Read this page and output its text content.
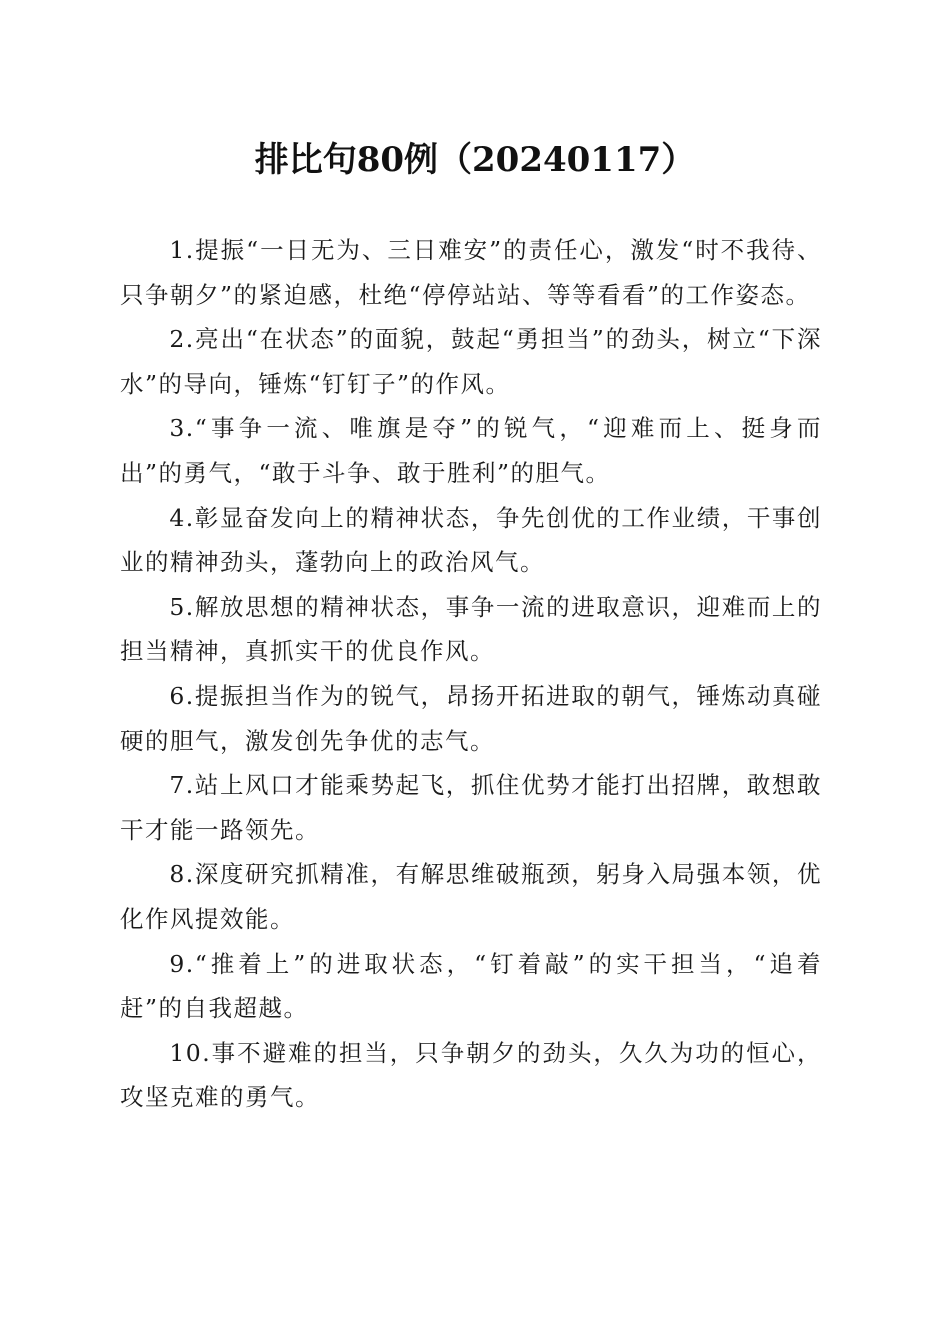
排比句80例（20240117）

1.提振“一日无为、三日难安”的责任心，激发“时不我待、只争朝夕”的紧迫感，杜绝“停停站站、等等看看”的工作姿态。

2.亮出“在状态”的面貌，鼓起“勇担当”的劲头，树立“下深水”的导向，锤炼“钉钉子”的作风。

3.“事争一流、唯旗是夺”的锐气，“迎难而上、挺身而出”的勇气，“敢于斗争、敢于胜利”的胆气。

4.彰显奋发向上的精神状态，争先创优的工作业绩，干事创业的精神劲头，蓬勃向上的政治风气。

5.解放思想的精神状态，事争一流的进取意识，迎难而上的担当精神，真抓实干的优良作风。

6.提振担当作为的锐气，昂扬开拓进取的朝气，锤炼动真碰硬的胆气，激发创先争优的志气。

7.站上风口才能乘势起飞，抓住优势才能打出招牌，敢想敢干才能一路领先。

8.深度研究抓精准，有解思维破瓶颈，躬身入局强本领，优化作风提效能。

9.“推着上”的进取状态，“钉着敲”的实干担当，“追着赶”的自我超越。

10.事不避难的担当，只争朝夕的劲头，久久为功的恒心，攻坚克难的勇气。
